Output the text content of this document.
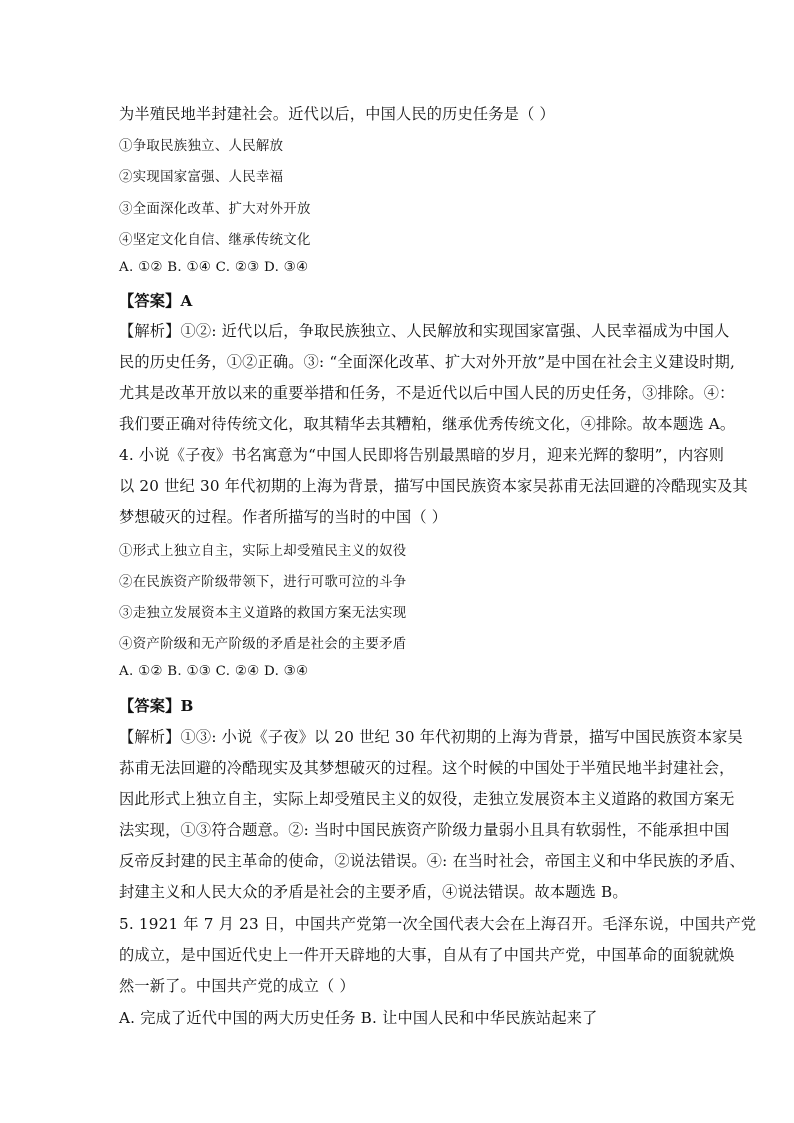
为半殖民地半封建社会。近代以后，中国人民的历史任务是（ ）
①争取民族独立、人民解放
②实现国家富强、人民幸福
③全面深化改革、扩大对外开放
④坚定文化自信、继承传统文化
A. ①② B. ①④ C. ②③ D. ③④
【答案】A
【解析】①②: 近代以后，争取民族独立、人民解放和实现国家富强、人民幸福成为中国人
民的历史任务，①②正确。③: “全面深化改革、扩大对外开放”是中国在社会主义建设时期,
尤其是改革开放以来的重要举措和任务，不是近代以后中国人民的历史任务，③排除。④：
我们要正确对待传统文化，取其精华去其糟粕，继承优秀传统文化，④排除。故本题选 A。
4. 小说《子夜》书名寓意为“中国人民即将告别最黑暗的岁月，迎来光辉的黎明”，内容则
以 20 世纪 30 年代初期的上海为背景，描写中国民族资本家吴荪甫无法回避的冷酷现实及其
梦想破灭的过程。作者所描写的当时的中国（ ）
①形式上独立自主，实际上却受殖民主义的奴役
②在民族资产阶级带领下，进行可歌可泣的斗争
③走独立发展资本主义道路的救国方案无法实现
④资产阶级和无产阶级的矛盾是社会的主要矛盾
A. ①② B. ①③ C. ②④ D. ③④
【答案】B
【解析】①③: 小说《子夜》以 20 世纪 30 年代初期的上海为背景，描写中国民族资本家吴
荪甫无法回避的冷酷现实及其梦想破灭的过程。这个时候的中国处于半殖民地半封建社会，
因此形式上独立自主，实际上却受殖民主义的奴役，走独立发展资本主义道路的救国方案无
法实现，①③符合题意。②: 当时中国民族资产阶级力量弱小且具有软弱性，不能承担中国
反帝反封建的民主革命的使命，②说法错误。④: 在当时社会，帝国主义和中华民族的矛盾、
封建主义和人民大众的矛盾是社会的主要矛盾，④说法错误。故本题选 B。
5. 1921 年 7 月 23 日，中国共产党第一次全国代表大会在上海召开。毛泽东说，中国共产党
的成立，是中国近代史上一件开天辟地的大事，自从有了中国共产党，中国革命的面貌就焕
然一新了。中国共产党的成立（ ）
A. 完成了近代中国的两大历史任务 B. 让中国人民和中华民族站起来了
